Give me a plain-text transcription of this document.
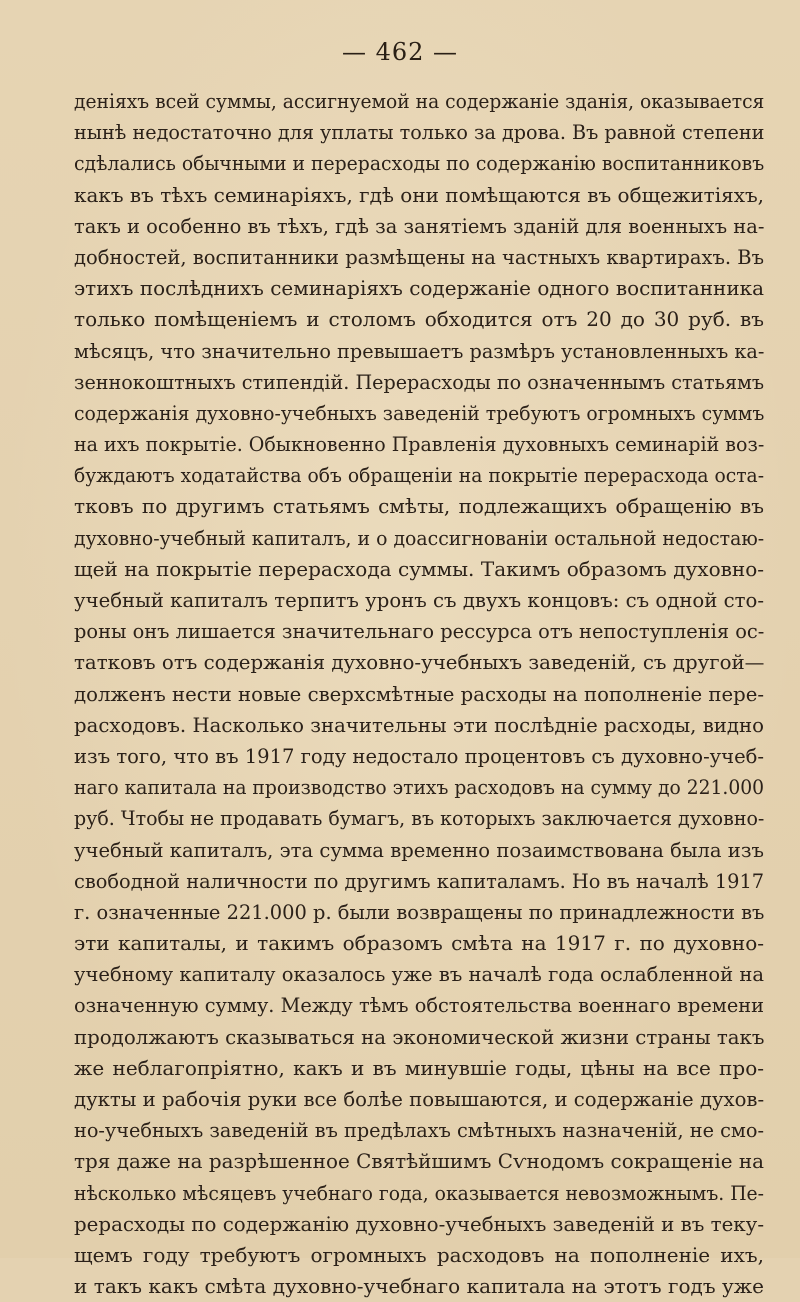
— 462 —
деніяхъ всей суммы, ассигнуемой на содержаніе зданія, оказывается
нынѣ недостаточно для уплаты только за дрова. Въ равной степени
сдѣлались обычными и перерасходы по содержанію воспитанниковъ
какъ въ тѣхъ семинаріяхъ, гдѣ они помѣщаются въ общежитіяхъ,
такъ и особенно въ тѣхъ, гдѣ за занятіемъ зданій для военныхъ на-
добностей, воспитанники размѣщены на частныхъ квартирахъ. Въ
этихъ послѣднихъ семинаріяхъ содержаніе одного воспитанника
только помѣщеніемъ и столомъ обходится отъ 20 до 30 руб. въ
мѣсяцъ, что значительно превышаетъ размѣръ установленныхъ ка-
зеннокоштныхъ стипендій. Перерасходы по означеннымъ статьямъ
содержанія духовно-учебныхъ заведеній требуютъ огромныхъ суммъ
на ихъ покрытіе. Обыкновенно Правленія духовныхъ семинарій воз-
буждаютъ ходатайства объ обращеніи на покрытіе перерасхода оста-
тковъ по другимъ статьямъ смѣты, подлежащихъ обращенію въ
духовно-учебный капиталъ, и о доассигнованіи остальной недостаю-
щей на покрытіе перерасхода суммы. Такимъ образомъ духовно-
учебный капиталъ терпитъ уронъ съ двухъ концовъ: съ одной сто-
роны онъ лишается значительнаго рессурса отъ непоступленія ос-
татковъ отъ содержанія духовно-учебныхъ заведеній, съ другой—
долженъ нести новые сверхсмѣтные расходы на пополненіе пере-
расходовъ. Насколько значительны эти послѣдніе расходы, видно
изъ того, что въ 1917 году недостало процентовъ съ духовно-учеб-
наго капитала на производство этихъ расходовъ на сумму до 221.000
руб. Чтобы не продавать бумагъ, въ которыхъ заключается духовно-
учебный капиталъ, эта сумма временно позаимствована была изъ
свободной наличности по другимъ капиталамъ. Но въ началѣ 1917
г. означенные 221.000 р. были возвращены по принадлежности въ
эти капиталы, и такимъ образомъ смѣта на 1917 г. по духовно-
учебному капиталу оказалось уже въ началѣ года ослабленной на
означенную сумму. Между тѣмъ обстоятельства военнаго времени
продолжаютъ сказываться на экономической жизни страны такъ
же неблагопріятно, какъ и въ минувшіе годы, цѣны на все про-
дукты и рабочія руки все болѣе повышаются, и содержаніе духов-
но-учебныхъ заведеній въ предѣлахъ смѣтныхъ назначеній, не смо-
тря даже на разрѣшенное Святѣйшимъ Сѵнодомъ сокращеніе на
нѣсколько мѣсяцевъ учебнаго года, оказывается невозможнымъ. Пе-
рерасходы по содержанію духовно-учебныхъ заведеній и въ теку-
щемъ году требуютъ огромныхъ расходовъ на пополненіе ихъ,
и такъ какъ смѣта духовно-учебнаго капитала на этотъ годъ уже
